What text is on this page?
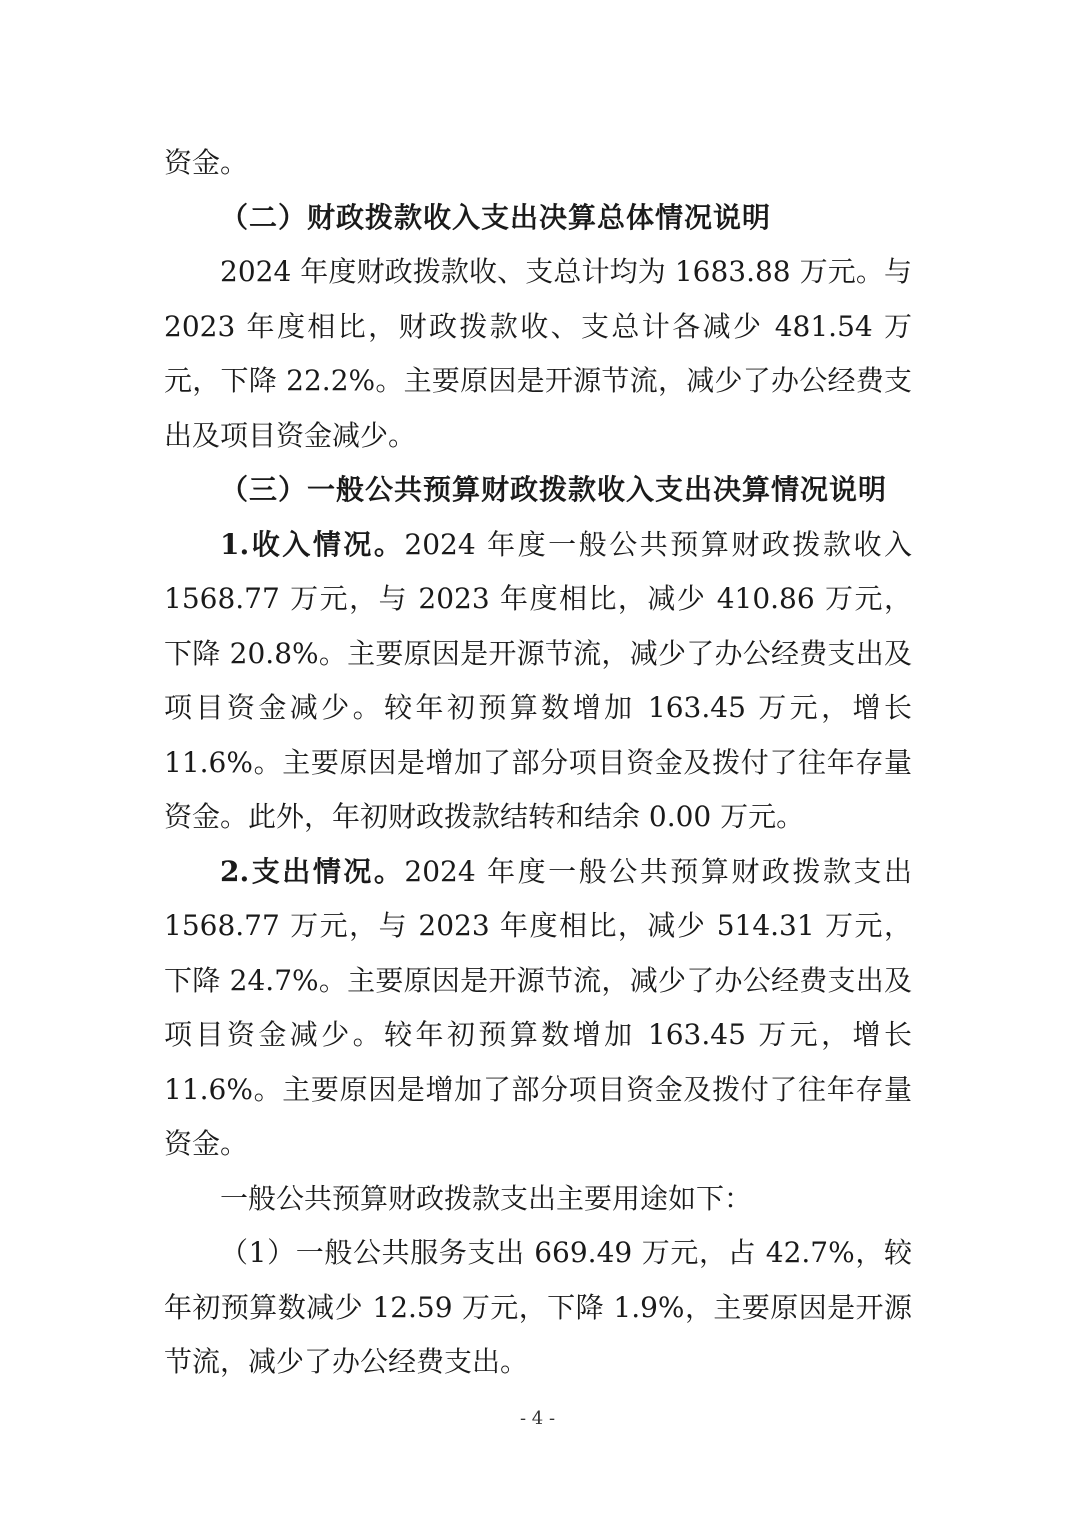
资金。

（二）财政拨款收入支出决算总体情况说明

2024 年度财政拨款收、支总计均为 1683.88 万元。与 2023 年度相比，财政拨款收、支总计各减少 481.54 万元，下降 22.2%。主要原因是开源节流，减少了办公经费支出及项目资金减少。

（三）一般公共预算财政拨款收入支出决算情况说明

1.收入情况。2024 年度一般公共预算财政拨款收入 1568.77 万元，与 2023 年度相比，减少 410.86 万元，下降 20.8%。主要原因是开源节流，减少了办公经费支出及项目资金减少。较年初预算数增加 163.45 万元，增长 11.6%。主要原因是增加了部分项目资金及拨付了往年存量资金。此外，年初财政拨款结转和结余 0.00 万元。

2.支出情况。2024 年度一般公共预算财政拨款支出 1568.77 万元，与 2023 年度相比，减少 514.31 万元，下降 24.7%。主要原因是开源节流，减少了办公经费支出及项目资金减少。较年初预算数增加 163.45 万元，增长 11.6%。主要原因是增加了部分项目资金及拨付了往年存量资金。

一般公共预算财政拨款支出主要用途如下：

（1）一般公共服务支出 669.49 万元，占 42.7%，较年初预算数减少 12.59 万元，下降 1.9%，主要原因是开源节流，减少了办公经费支出。

- 4 -
